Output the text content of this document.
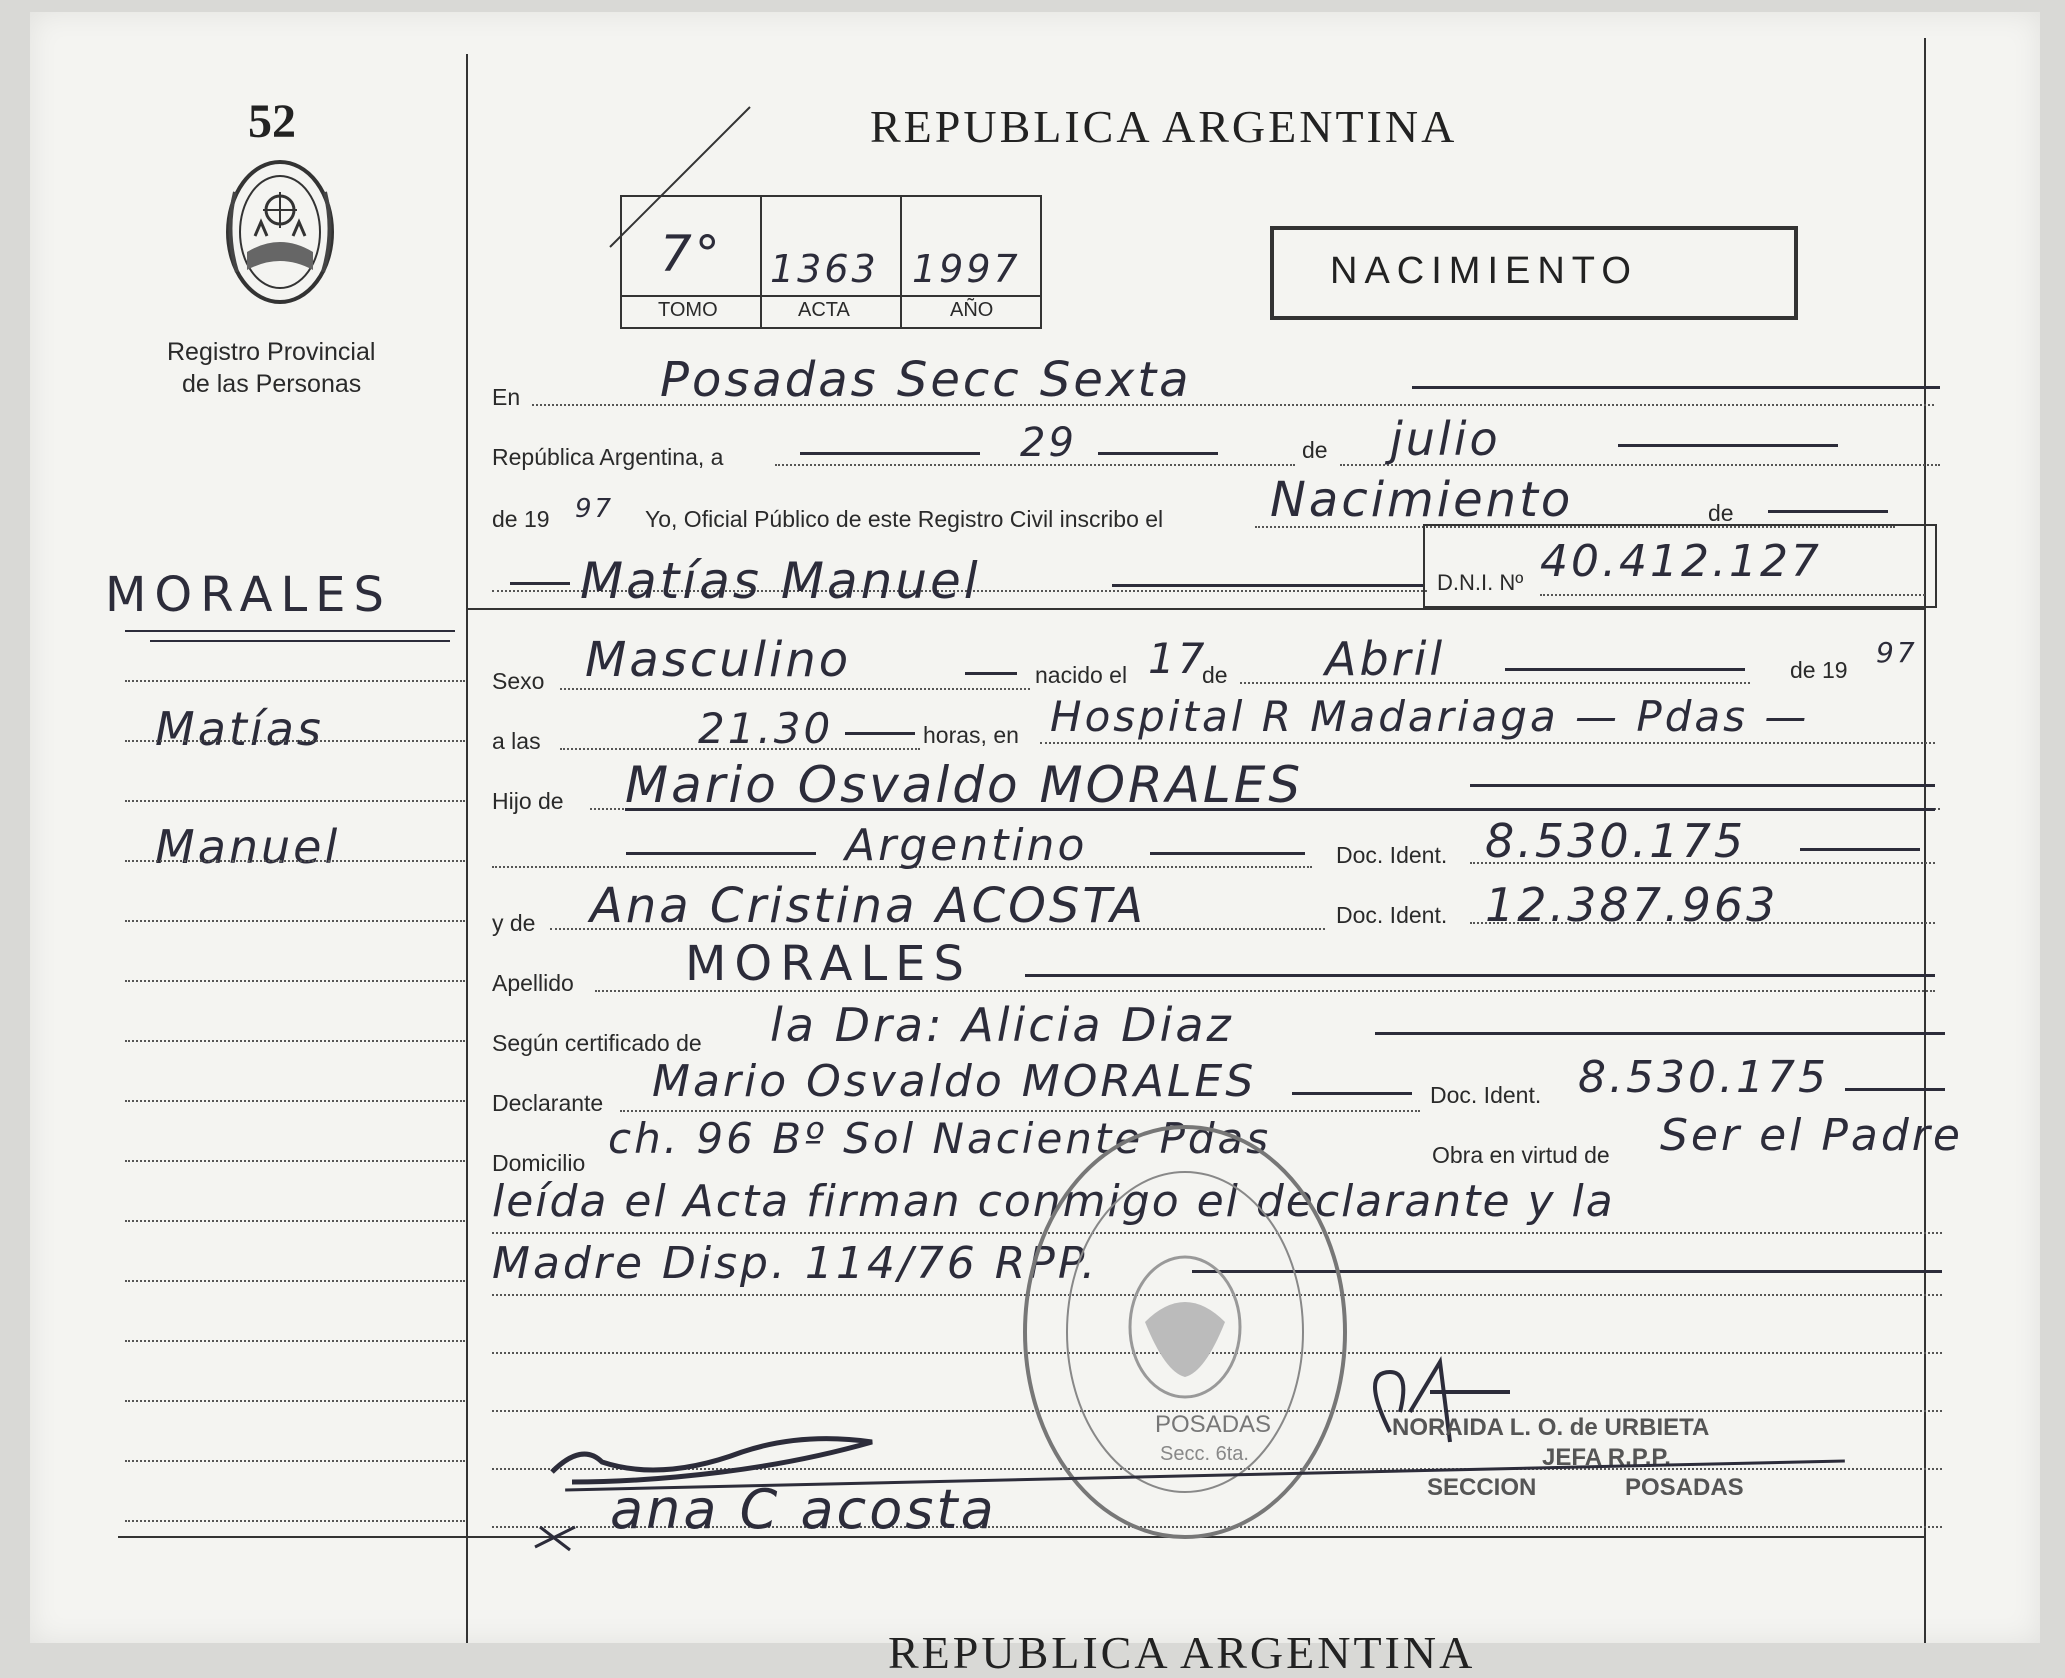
52
Registro Provincial
de las Personas
MORALES
Matías
Manuel
REPUBLICA ARGENTINA
7° 1363 1997
TOMO	ACTA	AÑO
NACIMIENTO
En	Posadas Secc Sexta
República Argentina, a	29	de julio
de 19 97 Yo, Oficial Público de este Registro Civil inscribo el Nacimiento	de
Matías Manuel	D.N.I. Nº 40.412.127
Sexo Masculino	nacido el 17
de Abril	de 19
97
a las	21.30	horas, en Hospital R Madariaga — Pdas —
Hijo de Mario Osvaldo MORALES
Argentino	Doc. Ident. 8.530.175
y de Ana Cristina ACOSTA	Doc. Ident. 12.387.963
Apellido MORALES
Según certificado de la Dra: Alicia Diaz
Declarante Mario Osvaldo MORALES	Doc. Ident. 8.530.175
Domicilio ch. 96 Bº Sol Naciente Pdas	Obra en virtud de Ser el Padre
leída el Acta firman conmigo el declarante y la
Madre Disp. 114/76 RPP.
POSADAS
Secc. 6ta.
NORAIDA L. O. de URBIETA
JEFA R.P.P.
SECCION	POSADAS
ana C acosta
REPUBLICA ARGENTINA
